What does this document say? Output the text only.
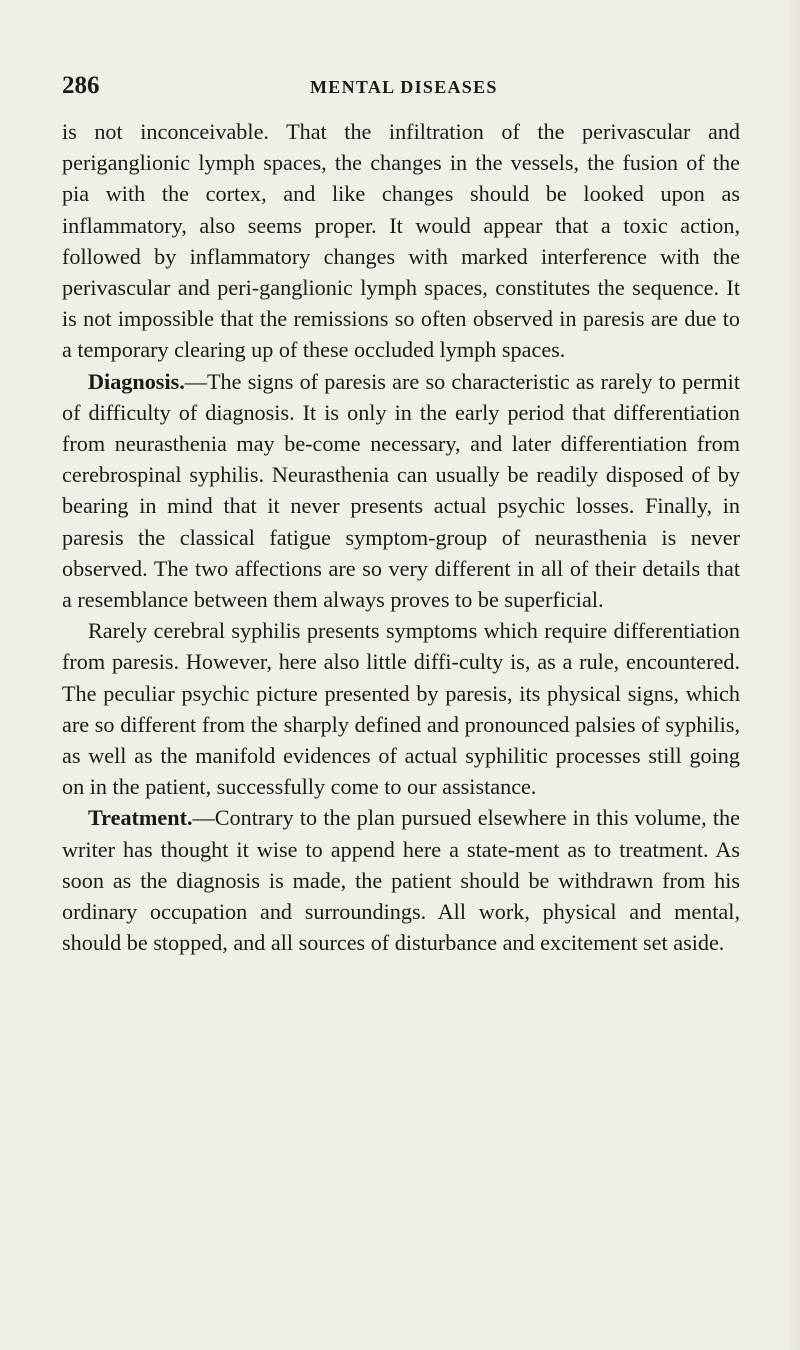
286	MENTAL DISEASES

is not inconceivable. That the infiltration of the perivascular and periganglionic lymph spaces, the changes in the vessels, the fusion of the pia with the cortex, and like changes should be looked upon as inflammatory, also seems proper. It would appear that a toxic action, followed by inflammatory changes with marked interference with the perivascular and peri-ganglionic lymph spaces, constitutes the sequence. It is not impossible that the remissions so often observed in paresis are due to a temporary clearing up of these occluded lymph spaces.

Diagnosis.—The signs of paresis are so characteristic as rarely to permit of difficulty of diagnosis. It is only in the early period that differentiation from neurasthenia may be-come necessary, and later differentiation from cerebrospinal syphilis. Neurasthenia can usually be readily disposed of by bearing in mind that it never presents actual psychic losses. Finally, in paresis the classical fatigue symptom-group of neurasthenia is never observed. The two affections are so very different in all of their details that a resemblance between them always proves to be superficial.

Rarely cerebral syphilis presents symptoms which require differentiation from paresis. However, here also little diffi-culty is, as a rule, encountered. The peculiar psychic picture presented by paresis, its physical signs, which are so different from the sharply defined and pronounced palsies of syphilis, as well as the manifold evidences of actual syphilitic processes still going on in the patient, successfully come to our assistance.

Treatment.—Contrary to the plan pursued elsewhere in this volume, the writer has thought it wise to append here a state-ment as to treatment. As soon as the diagnosis is made, the patient should be withdrawn from his ordinary occupation and surroundings. All work, physical and mental, should be stopped, and all sources of disturbance and excitement set aside.
